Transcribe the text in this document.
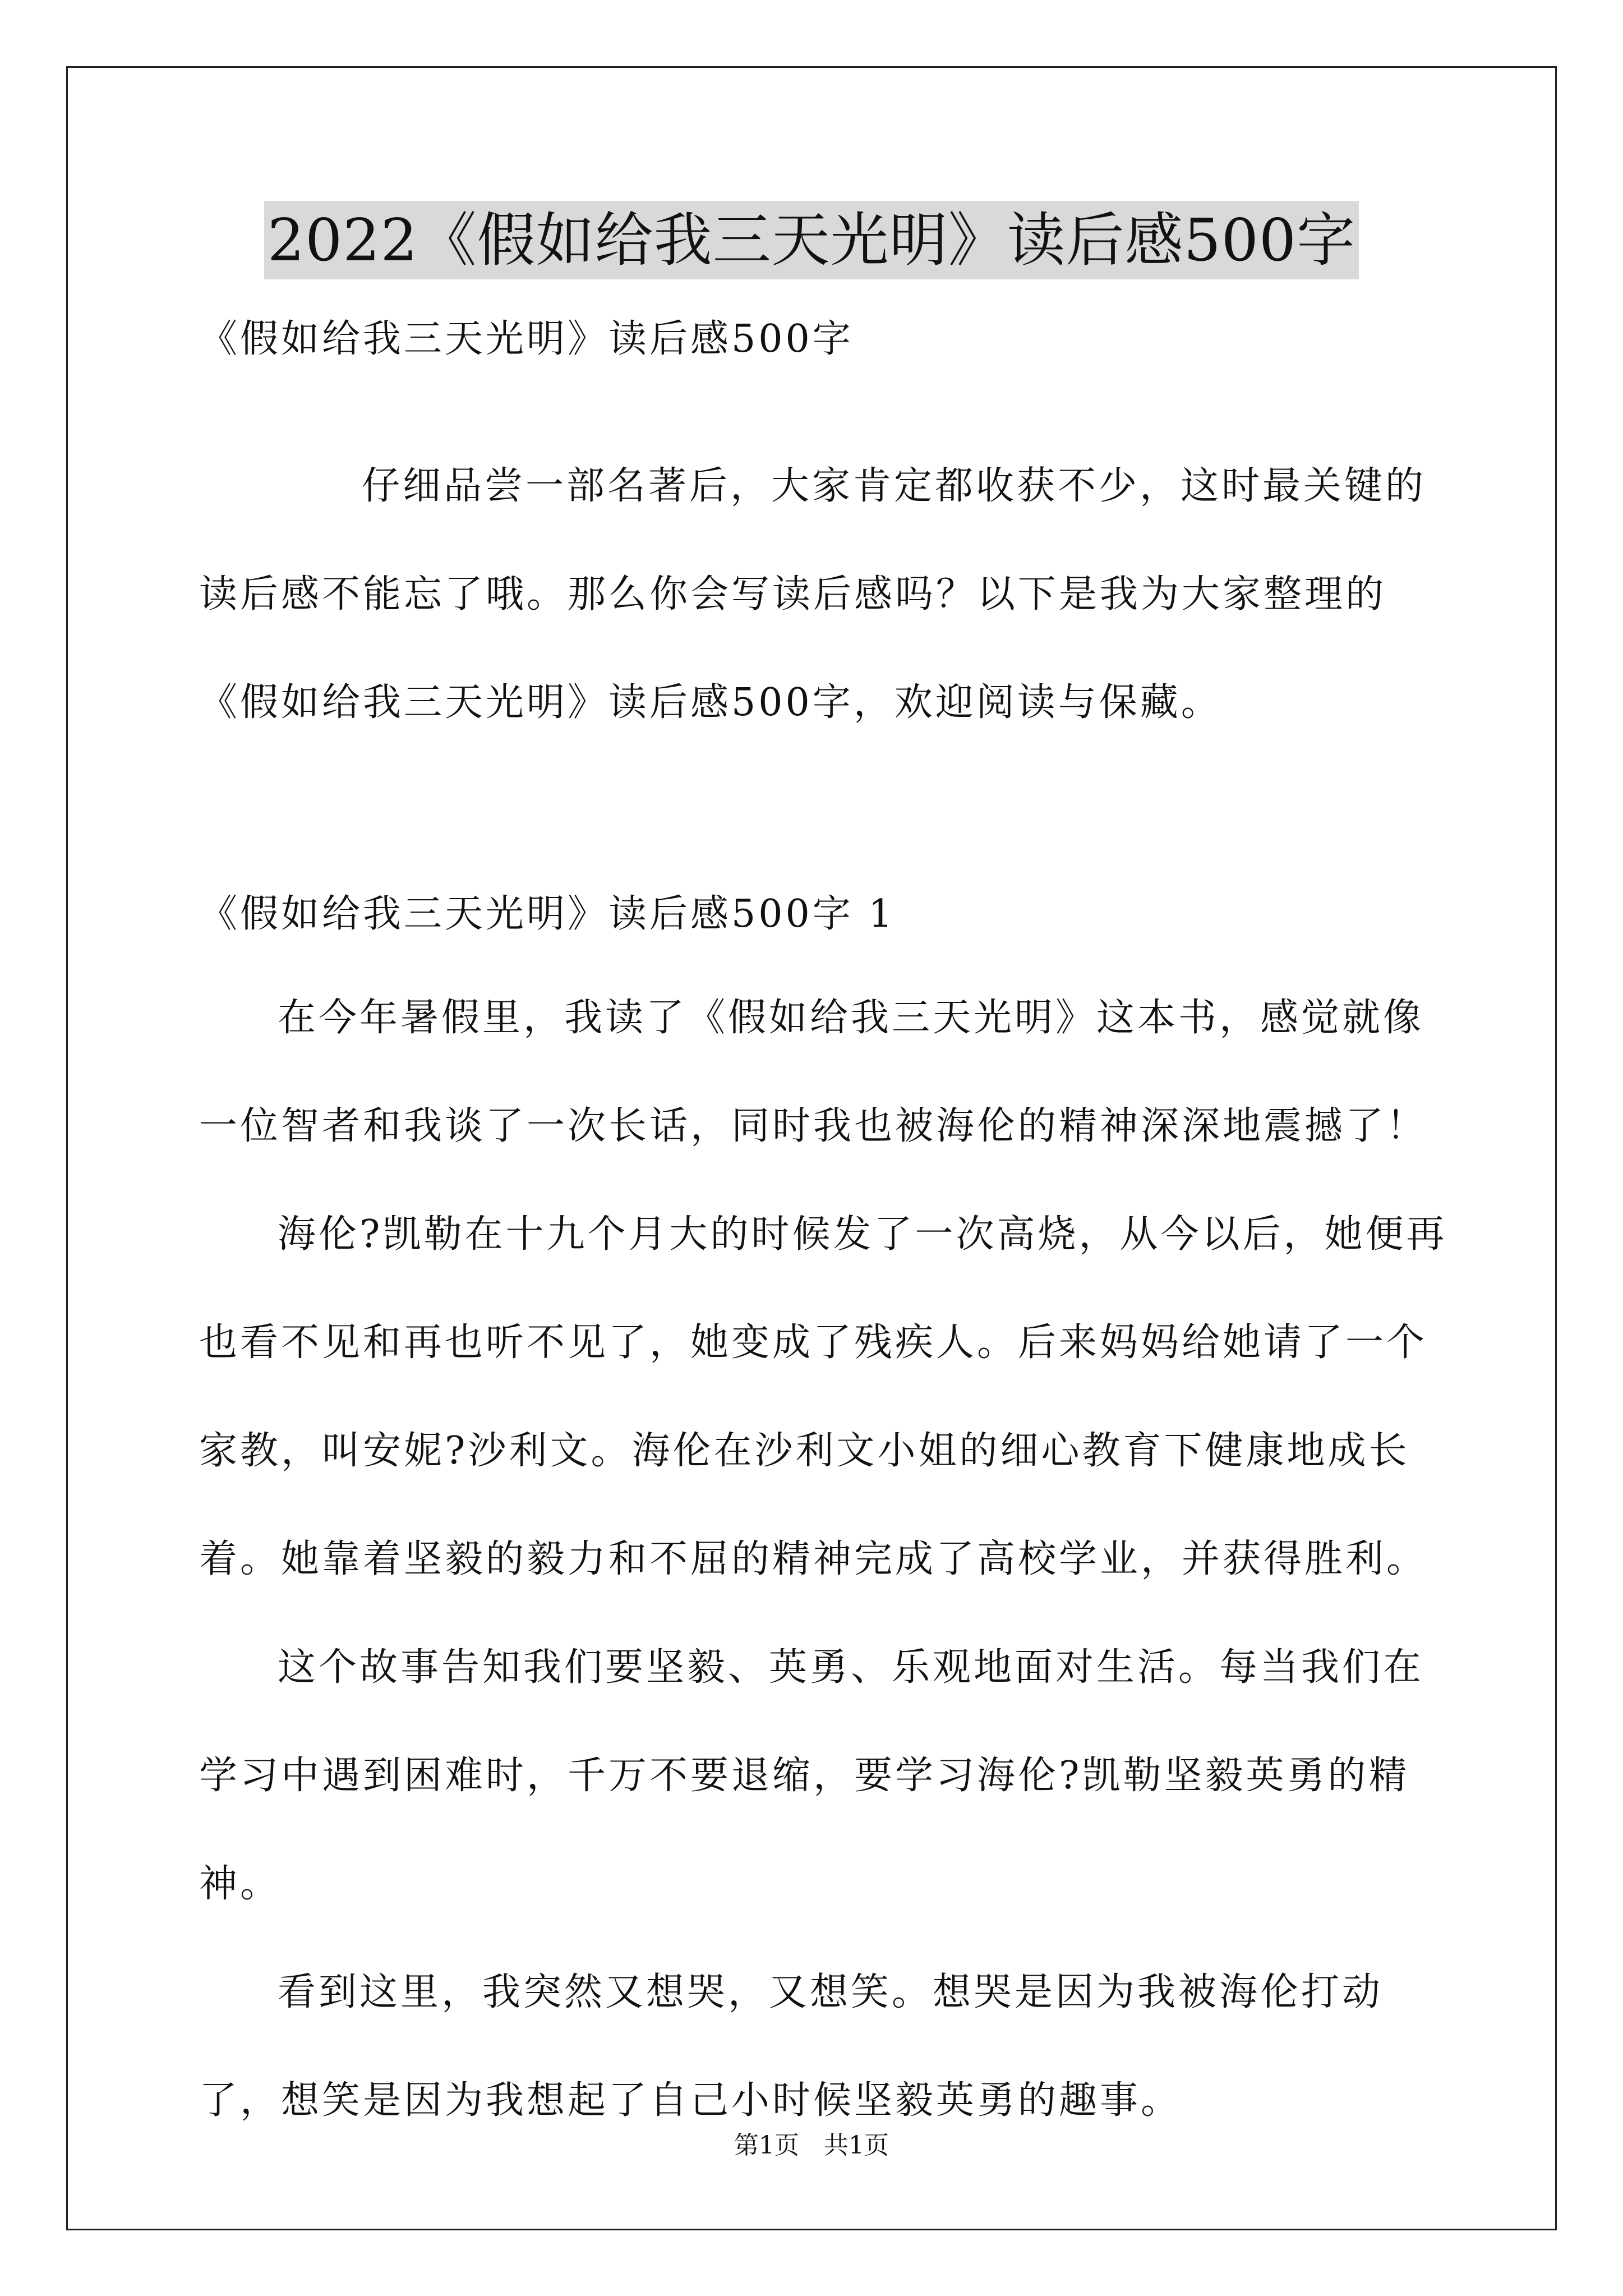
2022《假如给我三天光明》读后感500字
《假如给我三天光明》读后感500字

仔细品尝一部名著后，大家肯定都收获不少，这时最关键的读后感不能忘了哦。那么你会写读后感吗？以下是我为大家整理的《假如给我三天光明》读后感500字，欢迎阅读与保藏。

《假如给我三天光明》读后感500字 1

在今年暑假里，我读了《假如给我三天光明》这本书，感觉就像一位智者和我谈了一次长话，同时我也被海伦的精神深深地震撼了！

海伦?凯勒在十九个月大的时候发了一次高烧，从今以后，她便再也看不见和再也听不见了，她变成了残疾人。后来妈妈给她请了一个家教，叫安妮?沙利文。海伦在沙利文小姐的细心教育下健康地成长着。她靠着坚毅的毅力和不屈的精神完成了高校学业，并获得胜利。

这个故事告知我们要坚毅、英勇、乐观地面对生活。每当我们在学习中遇到困难时，千万不要退缩，要学习海伦?凯勒坚毅英勇的精神。

看到这里，我突然又想哭，又想笑。想哭是因为我被海伦打动了，想笑是因为我想起了自己小时候坚毅英勇的趣事。

第1页　共1页
